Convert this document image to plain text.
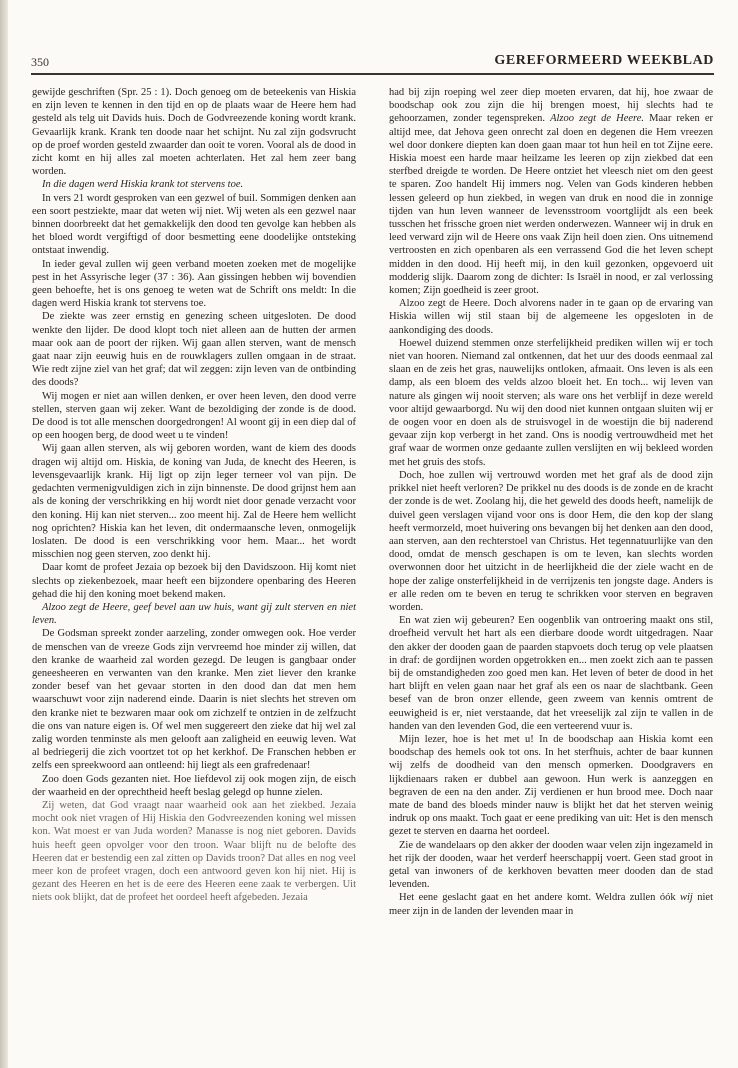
350	GEREFORMEERD WEEKBLAD

gewijde geschriften (Spr. 25 : 1). Doch genoeg om de beteekenis van Hiskia en zijn leven te kennen in den tijd en op de plaats waar de Heere hem had gesteld als telg uit Davids huis. Doch de Godvreezende koning wordt krank. Gevaarlijk krank. Krank ten doode naar het schijnt. Nu zal zijn godsvrucht op de proef worden gesteld zwaarder dan ooit te voren. Vooral als de dood in zicht komt en hij alles zal moeten achterlaten. Het zal hem zeer bang worden.

In die dagen werd Hiskia krank tot stervens toe.

In vers 21 wordt gesproken van een gezwel of buil. Sommigen denken aan een soort pestziekte, maar dat weten wij niet. Wij weten als een gezwel naar binnen doorbreekt dat het gemakkelijk den dood ten gevolge kan hebben als het bloed wordt vergiftigd of door besmetting eene doodelijke ontsteking ontstaat inwendig.

In ieder geval zullen wij geen verband moeten zoeken met de mogelijke pest in het Assyrische leger (37 : 36). Aan gissingen hebben wij bovendien geen behoefte, het is ons genoeg te weten wat de Schrift ons meldt: In die dagen werd Hiskia krank tot stervens toe.

De ziekte was zeer ernstig en genezing scheen uitgesloten. De dood wenkte den lijder. De dood klopt toch niet alleen aan de hutten der armen maar ook aan de poort der rijken. Wij gaan allen sterven, want de mensch gaat naar zijn eeuwig huis en de rouwklagers zullen omgaan in de straat. Wie redt zijne ziel van het graf; dat wil zeggen: zijn leven van de ontbinding des doods?

Wij mogen er niet aan willen denken, er over heen leven, den dood verre stellen, sterven gaan wij zeker. Want de bezoldiging der zonde is de dood. De dood is tot alle menschen doorgedrongen! Al woont gij in een diep dal of op een hoogen berg, de dood weet u te vinden!

Wij gaan allen sterven, als wij geboren worden, want de kiem des doods dragen wij altijd om. Hiskia, de koning van Juda, de knecht des Heeren, is levensgevaarlijk krank. Hij ligt op zijn leger terneer vol van pijn. De gedachten vermenigvuldigen zich in zijn binnenste. De dood grijnst hem aan als de koning der verschrikking en hij wordt niet door genade verzacht voor den koning. Hij kan niet sterven... zoo meent hij. Zal de Heere hem wellicht nog oprichten? Hiskia kan het leven, dit ondermaansche leven, onmogelijk loslaten. De dood is een verschrikking voor hem. Maar... het wordt misschien nog geen sterven, zoo denkt hij.

Daar komt de profeet Jezaia op bezoek bij den Davidszoon. Hij komt niet slechts op ziekenbezoek, maar heeft een bijzondere openbaring des Heeren gehad die hij den koning moet bekend maken.

Alzoo zegt de Heere, geef bevel aan uw huis, want gij zult sterven en niet leven.

De Godsman spreekt zonder aarzeling, zonder omwegen ook. Hoe verder de menschen van de vreeze Gods zijn vervreemd hoe minder zij willen, dat den kranke de waarheid zal worden gezegd. De leugen is gangbaar onder geneesheeren en verwanten van den kranke. Men ziet liever den kranke zonder besef van het gevaar storten in den dood dan dat men hem waarschuwt voor zijn naderend einde. Daarin is niet slechts het streven om den kranke niet te bezwaren maar ook om zichzelf te ontzien in de zelfzucht die ons van nature eigen is. Of wel men suggereert den zieke dat hij wel zal zalig worden tenminste als men gelooft aan zaligheid en eeuwig leven. Wat al bedriegerij die zich voortzet tot op het kerkhof. De Franschen hebben er zelfs een spreekwoord aan ontleend: hij liegt als een grafredenaar!

Zoo doen Gods gezanten niet. Hoe liefdevol zij ook mogen zijn, de eisch der waarheid en der oprechtheid heeft beslag gelegd op hunne zielen.

Zij weten, dat God vraagt naar waarheid ook aan het ziekbed. Jezaia mocht ook niet vragen of Hij Hiskia den Godvreezenden koning wel missen kon. Wat moest er van Juda worden? Manasse is nog niet geboren. Davids huis heeft geen opvolger voor den troon. Waar blijft nu de belofte des Heeren dat er bestendig een zal zitten op Davids troon? Dat alles en nog veel meer kon de profeet vragen, doch een antwoord geven kon hij niet. Hij is gezant des Heeren en het is de eere des Heeren eene zaak te verbergen. Uit niets ook blijkt, dat de profeet het oordeel heeft afgebeden. Jezaia

had bij zijn roeping wel zeer diep moeten ervaren, dat hij, hoe zwaar de boodschap ook zou zijn die hij brengen moest, hij slechts had te gehoorzamen, zonder tegenspreken. Alzoo zegt de Heere. Maar reken er altijd mee, dat Jehova geen onrecht zal doen en degenen die Hem vreezen wel door donkere diepten kan doen gaan maar tot hun heil en tot Zijne eere. Hiskia moest een harde maar heilzame les leeren op zijn ziekbed dat een sterfbed dreigde te worden. De Heere ontziet het vleesch niet om den geest te sparen. Zoo handelt Hij immers nog. Velen van Gods kinderen hebben lessen geleerd op hun ziekbed, in wegen van druk en nood die in zonnige tijden van hun leven wanneer de levensstroom voortglijdt als een beek tusschen het frissche groen niet werden onderwezen. Wanneer wij in druk en leed verward zijn wil de Heere ons vaak Zijn heil doen zien. Ons uitnemend vertroosten en zich openbaren als een verrassend God die het leven schept midden in den dood. Hij heeft mij, in den kuil gezonken, opgevoerd uit modderig slijk. Daarom zong de dichter: Is Israël in nood, er zal verlossing komen; Zijn goedheid is zeer groot.

Alzoo zegt de Heere. Doch alvorens nader in te gaan op de ervaring van Hiskia willen wij stil staan bij de algemeene les opgesloten in de aankondiging des doods.

Hoewel duizend stemmen onze sterfelijkheid prediken willen wij er toch niet van hooren. Niemand zal ontkennen, dat het uur des doods eenmaal zal slaan en de zeis het gras, nauwelijks ontloken, afmaait. Ons leven is als een damp, als een bloem des velds alzoo bloeit het. En toch... wij leven van nature als gingen wij nooit sterven; als ware ons het verblijf in deze wereld voor altijd gewaarborgd. Nu wij den dood niet kunnen ontgaan sluiten wij er de oogen voor en doen als de struisvogel in de woestijn die bij naderend gevaar zijn kop verbergt in het zand. Ons is noodig vertrouwdheid met het graf waar de wormen onze gedaante zullen verslijten en wij bekleed worden met het gruis des stofs.

Doch, hoe zullen wij vertrouwd worden met het graf als de dood zijn prikkel niet heeft verloren? De prikkel nu des doods is de zonde en de kracht der zonde is de wet. Zoolang hij, die het geweld des doods heeft, namelijk de duivel geen verslagen vijand voor ons is door Hem, die den kop der slang heeft vermorzeld, moet huivering ons bevangen bij het denken aan den dood, aan sterven, aan den rechterstoel van Christus. Het tegennatuurlijke van den dood, omdat de mensch geschapen is om te leven, kan slechts worden overwonnen door het uitzicht in de heerlijkheid die der ziele wacht en de hope der zalige onsterfelijkheid in de verrijzenis ten jongste dage. Anders is er alle reden om te beven en terug te schrikken voor sterven en begraven worden.

En wat zien wij gebeuren? Een oogenblik van ontroering maakt ons stil, droefheid vervult het hart als een dierbare doode wordt uitgedragen. Naar den akker der dooden gaan de paarden stapvoets doch terug op vele plaatsen in draf: de gordijnen worden opgetrokken en... men zoekt zich aan te passen bij de omstandigheden zoo goed men kan. Het leven of beter de dood in het hart blijft en velen gaan naar het graf als een os naar de slachtbank. Geen besef van de bron onzer ellende, geen zweem van kennis omtrent de eeuwigheid is er, niet verstaande, dat het vreeselijk zal zijn te vallen in de handen van den levenden God, die een verteerend vuur is.

Mijn lezer, hoe is het met u! In de boodschap aan Hiskia komt een boodschap des hemels ook tot ons. In het sterfhuis, achter de baar kunnen wij zelfs de doodheid van den mensch opmerken. Doodgravers en lijkdienaars raken er dubbel aan gewoon. Hun werk is aanzeggen en begraven de een na den ander. Zij verdienen er hun brood mee. Doch naar mate de band des bloeds minder nauw is blijkt het dat het sterven weinig indruk op ons maakt. Toch gaat er eene prediking van uit: Het is den mensch gezet te sterven en daarna het oordeel.

Zie de wandelaars op den akker der dooden waar velen zijn ingezameld in het rijk der dooden, waar het verderf heerschappij voert. Geen stad groot in getal van inwoners of de kerkhoven bevatten meer dooden dan de stad levenden.

Het eene geslacht gaat en het andere komt. Weldra zullen óók wij niet meer zijn in de landen der levenden maar in
